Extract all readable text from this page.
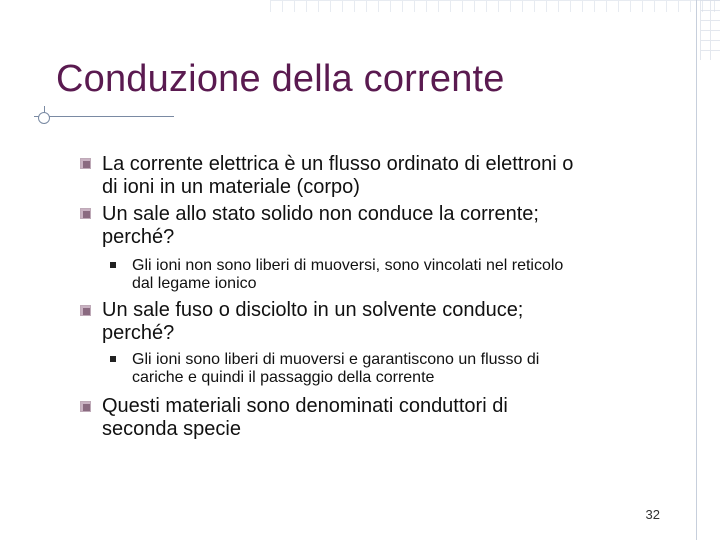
Conduzione della corrente
La corrente elettrica è un flusso ordinato di elettroni o
di ioni in un materiale (corpo)
Un sale allo stato solido non conduce la corrente;
perché?
Gli ioni non sono liberi di muoversi, sono vincolati nel reticolo
dal legame ionico
Un sale fuso o disciolto in un solvente conduce;
perché?
Gli ioni sono liberi di muoversi e garantiscono un flusso di
cariche e quindi il passaggio della corrente
Questi materiali sono denominati conduttori di
seconda specie
32
